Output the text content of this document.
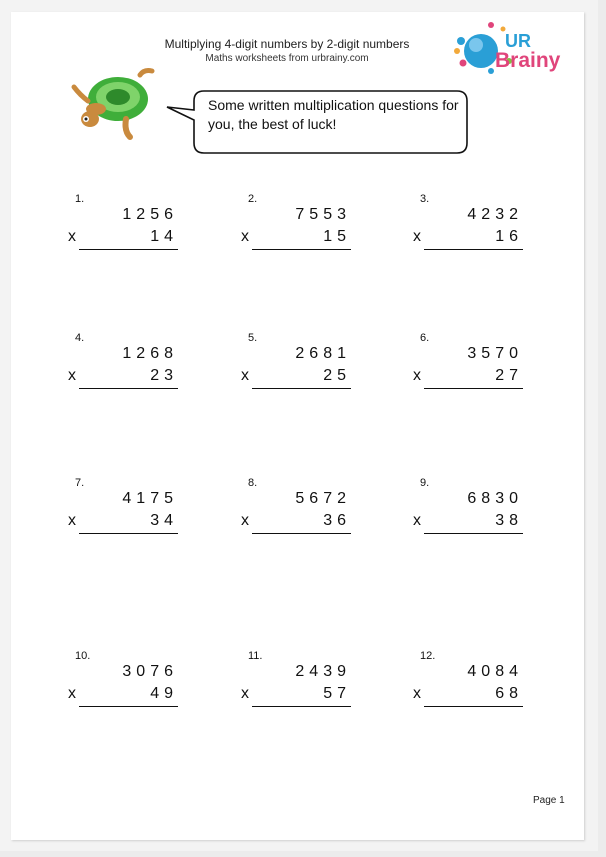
Multiplying 4-digit numbers by 2-digit numbers
Maths worksheets from urbrainy.com
UR
Brainy
Some written multiplication questions for you, the best of luck!
1.
1256
x	14
2.
7553
x	15
3.
4232
x	16
4.
1268
x	23
5.
2681
x	25
6.
3570
x	27
7.
4175
x	34
8.
5672
x	36
9.
6830
x	38
10.
3076
x	49
11.
2439
x	57
12.
4084
x	68
Page 1
